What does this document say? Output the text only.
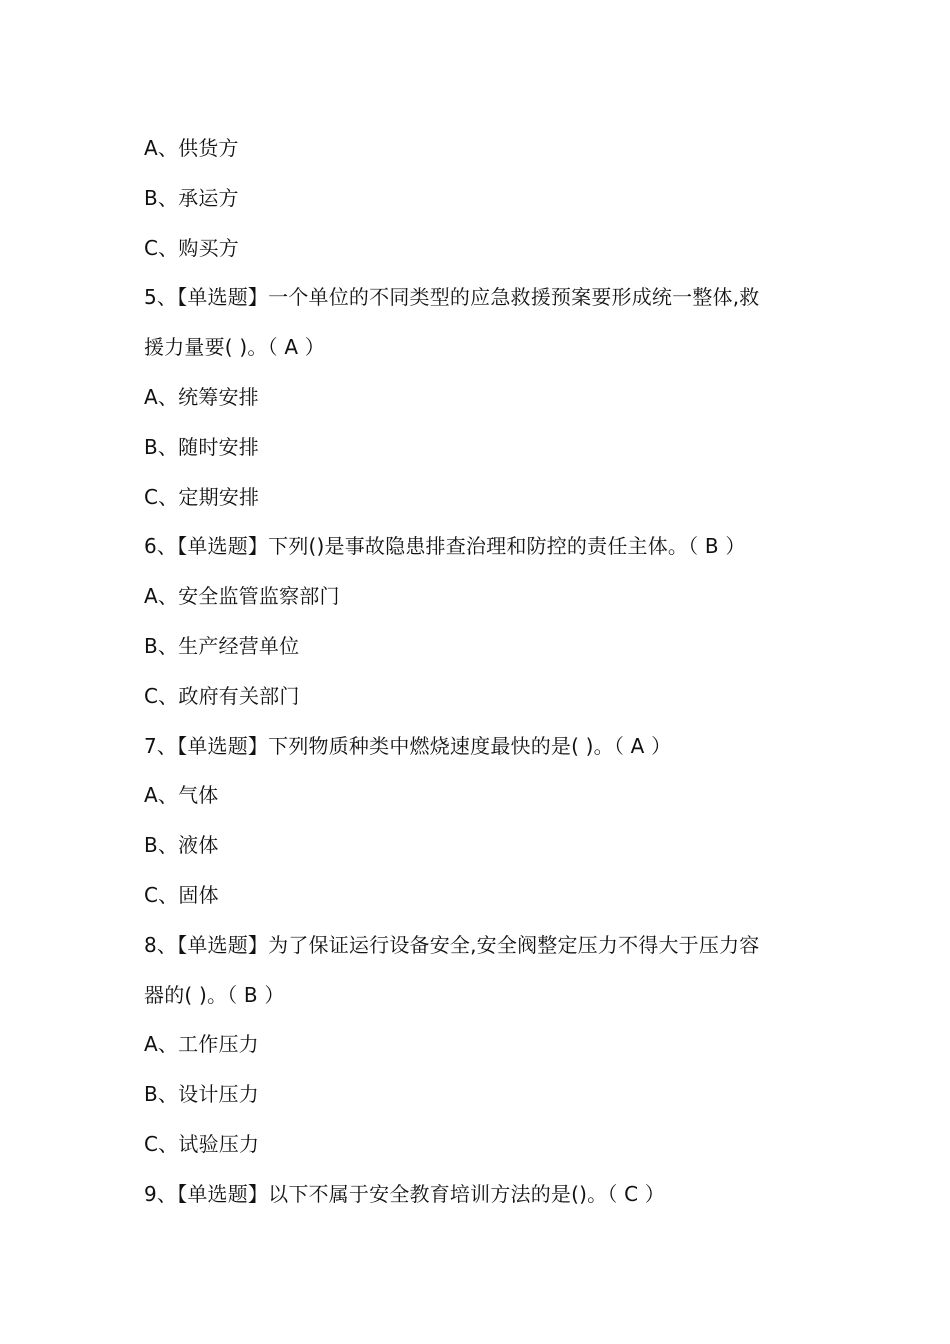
A、供货方
B、承运方
C、购买方
5、【单选题】一个单位的不同类型的应急救援预案要形成统一整体,救
援力量要( )。（ A ）
A、统筹安排
B、随时安排
C、定期安排
6、【单选题】下列()是事故隐患排查治理和防控的责任主体。（ B ）
A、安全监管监察部门
B、生产经营单位
C、政府有关部门
7、【单选题】下列物质种类中燃烧速度最快的是( )。（ A ）
A、气体
B、液体
C、固体
8、【单选题】为了保证运行设备安全,安全阀整定压力不得大于压力容
器的( )。（ B ）
A、工作压力
B、设计压力
C、试验压力
9、【单选题】以下不属于安全教育培训方法的是()。（ C ）
